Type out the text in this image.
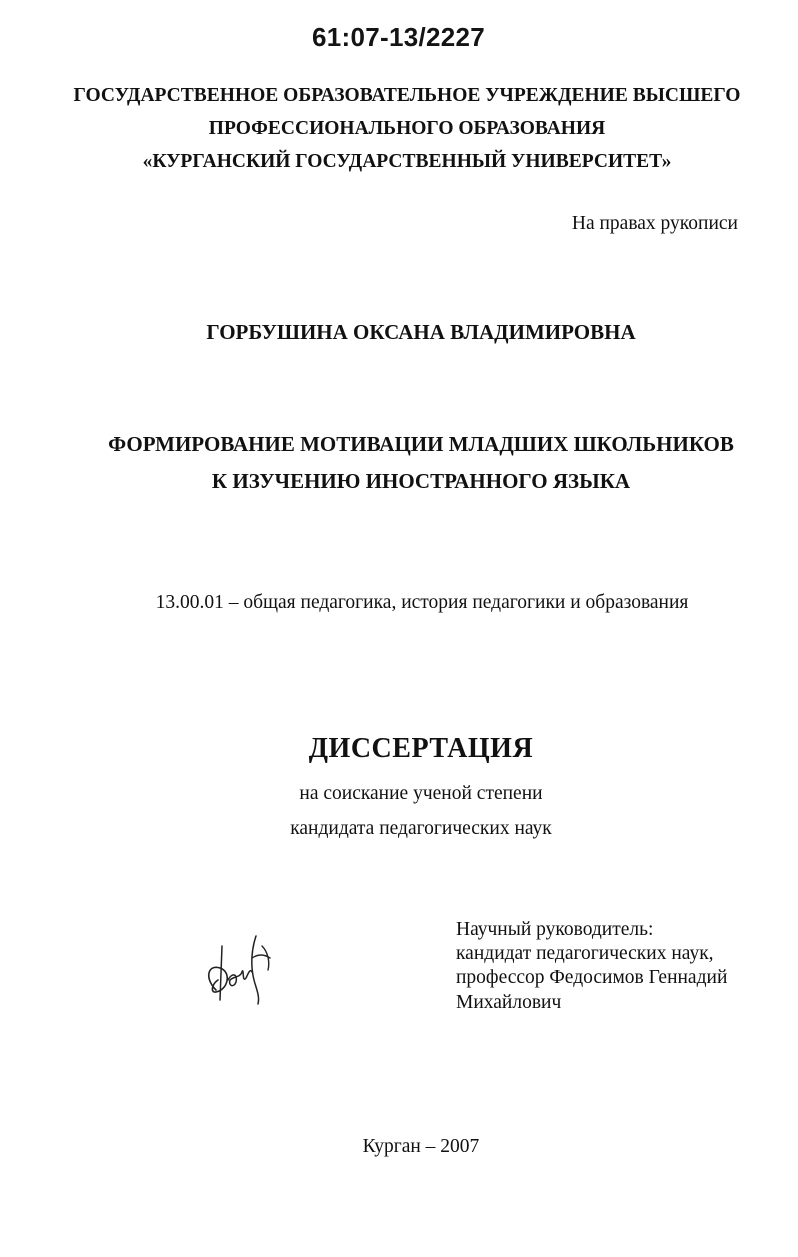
61:07-13/2227
ГОСУДАРСТВЕННОЕ ОБРАЗОВАТЕЛЬНОЕ УЧРЕЖДЕНИЕ ВЫСШЕГО
ПРОФЕССИОНАЛЬНОГО ОБРАЗОВАНИЯ
«КУРГАНСКИЙ ГОСУДАРСТВЕННЫЙ УНИВЕРСИТЕТ»
На правах рукописи
ГОРБУШИНА ОКСАНА ВЛАДИМИРОВНА
ФОРМИРОВАНИЕ МОТИВАЦИИ МЛАДШИХ ШКОЛЬНИКОВ
К ИЗУЧЕНИЮ ИНОСТРАННОГО ЯЗЫКА
13.00.01 – общая педагогика, история педагогики и образования
ДИССЕРТАЦИЯ
на соискание ученой степени
кандидата педагогических наук
Научный руководитель:
кандидат педагогических наук,
профессор Федосимов Геннадий
Михайлович
Курган – 2007
